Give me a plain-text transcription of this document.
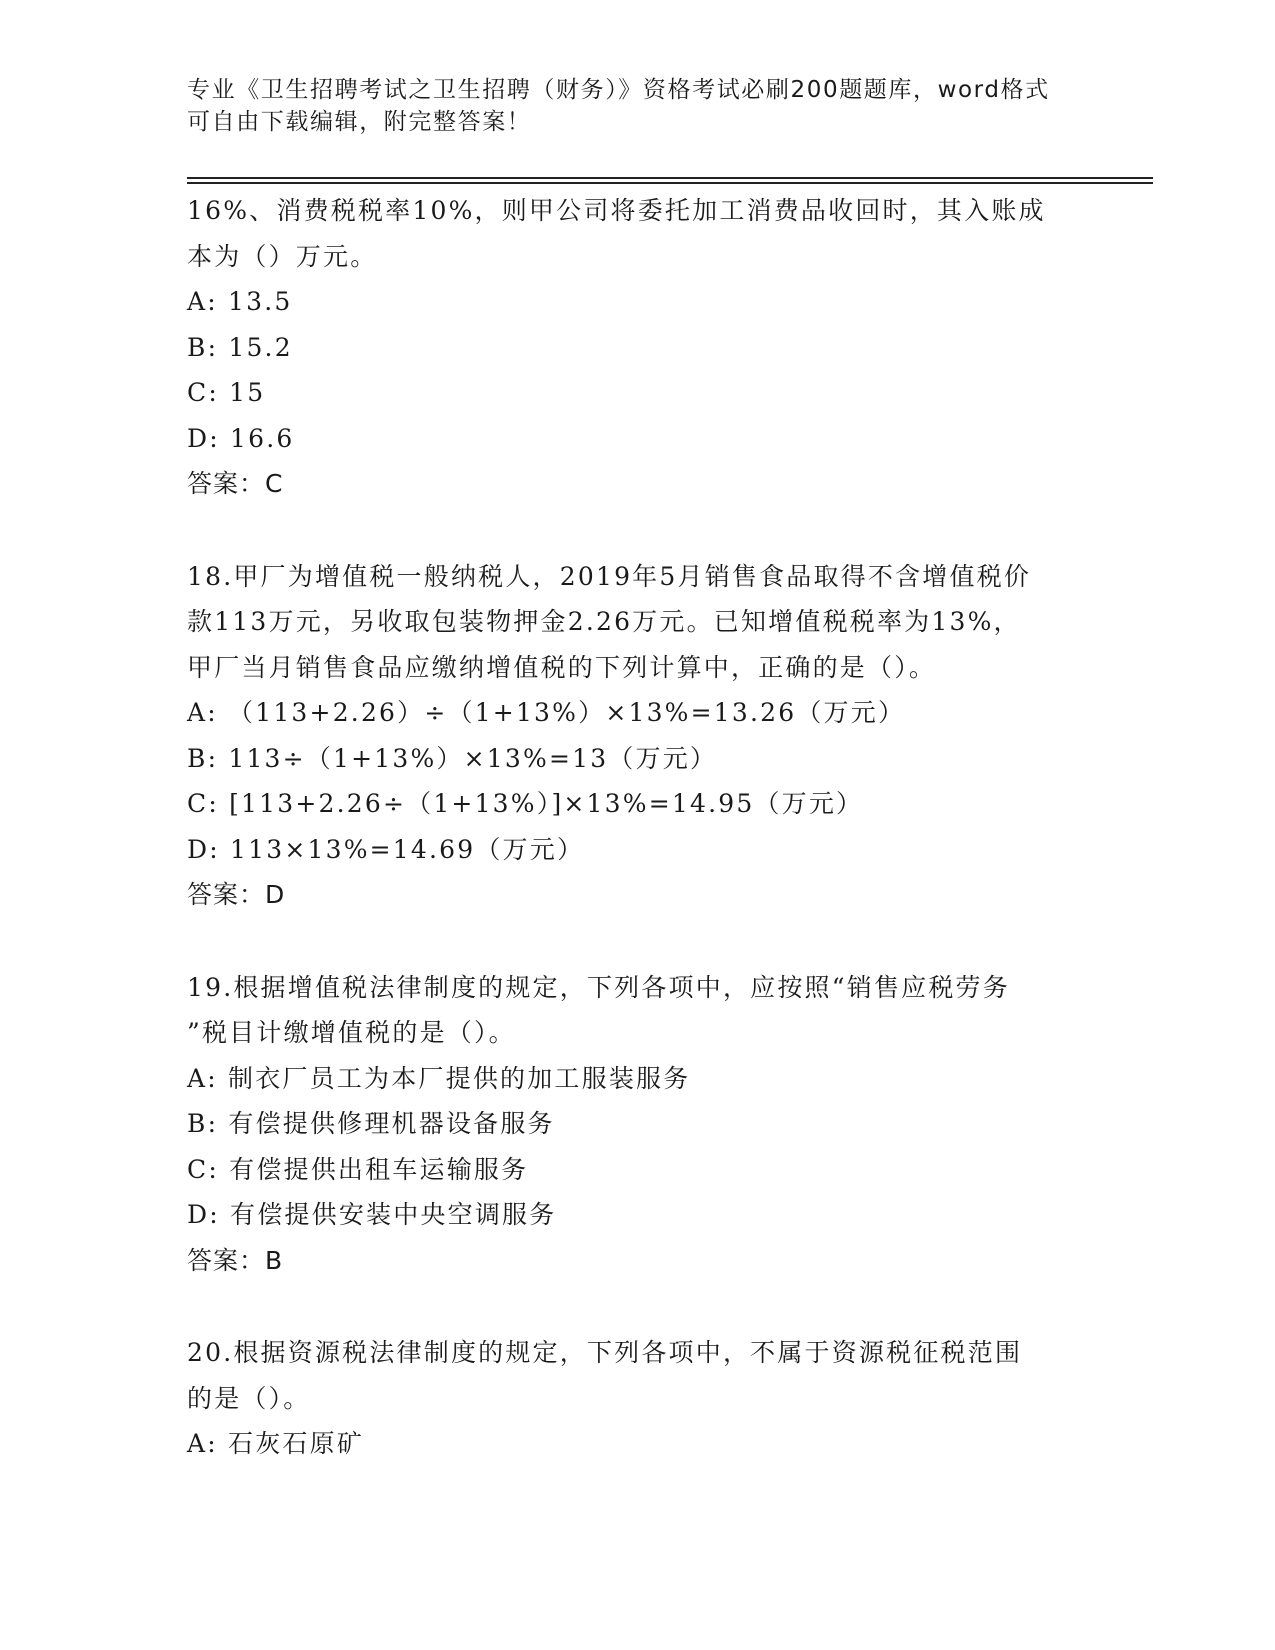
专业《卫生招聘考试之卫生招聘（财务）》资格考试必刷200题题库，word格式
可自由下载编辑，附完整答案！
16%、消费税税率10%，则甲公司将委托加工消费品收回时，其入账成
本为（）万元。
A: 13.5
B: 15.2
C: 15
D: 16.6
答案：C
18.甲厂为增值税一般纳税人，2019年5月销售食品取得不含增值税价
款113万元，另收取包装物押金2.26万元。已知增值税税率为13%，
甲厂当月销售食品应缴纳增值税的下列计算中，正确的是（）。
A: （113+2.26）÷（1+13%）×13%=13.26（万元）
B: 113÷（1+13%）×13%=13（万元）
C: [113+2.26÷（1+13%）]×13%=14.95（万元）
D: 113×13%=14.69（万元）
答案：D
19.根据增值税法律制度的规定，下列各项中，应按照“销售应税劳务
”税目计缴增值税的是（）。
A: 制衣厂员工为本厂提供的加工服装服务
B: 有偿提供修理机器设备服务
C: 有偿提供出租车运输服务
D: 有偿提供安装中央空调服务
答案：B
20.根据资源税法律制度的规定，下列各项中，不属于资源税征税范围
的是（）。
A: 石灰石原矿
